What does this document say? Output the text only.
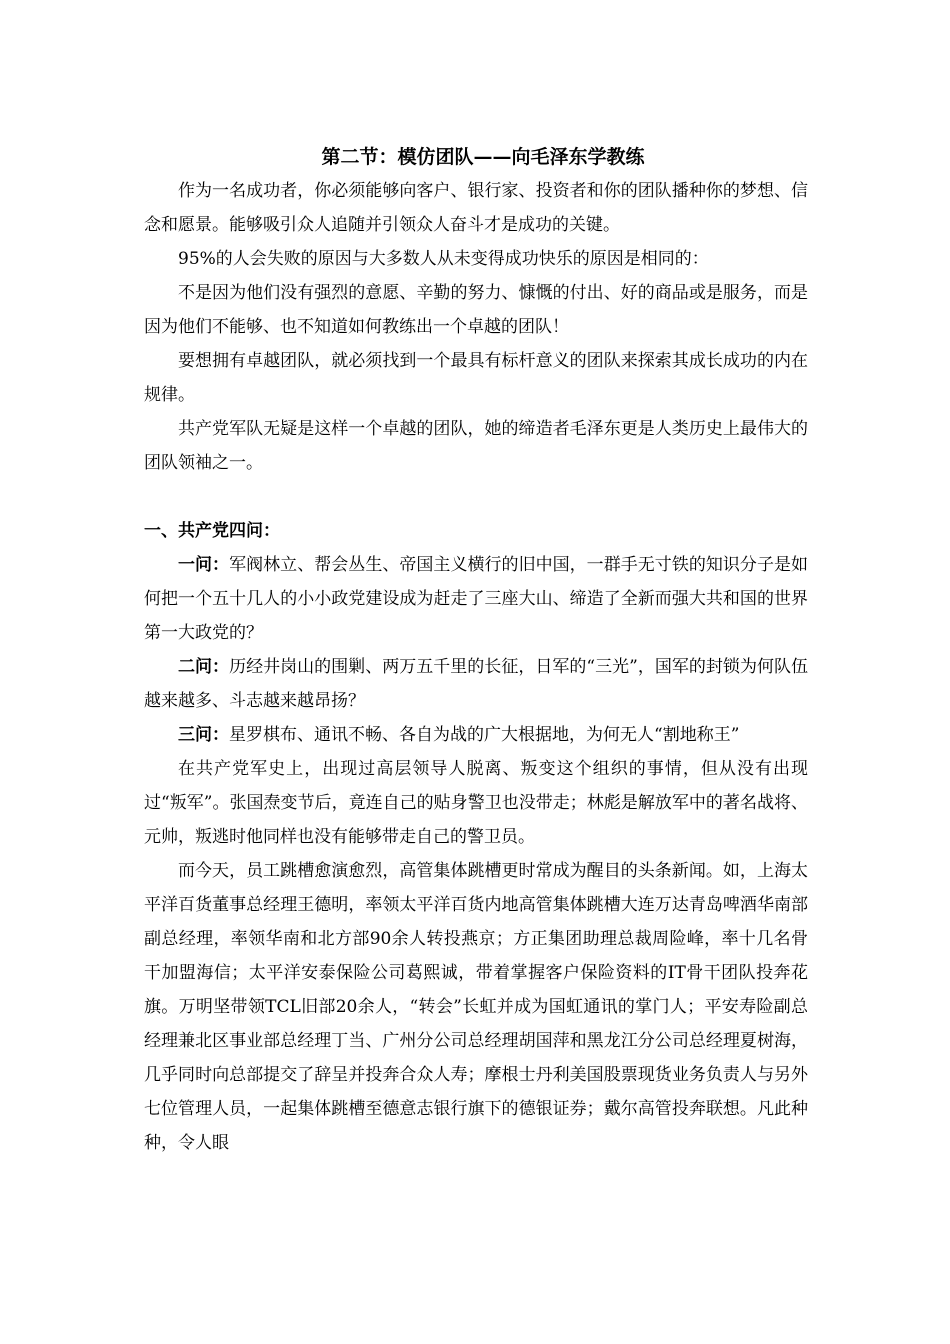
第二节：模仿团队——向毛泽东学教练

作为一名成功者，你必须能够向客户、银行家、投资者和你的团队播种你的梦想、信念和愿景。能够吸引众人追随并引领众人奋斗才是成功的关键。

95%的人会失败的原因与大多数人从未变得成功快乐的原因是相同的：

不是因为他们没有强烈的意愿、辛勤的努力、慷慨的付出、好的商品或是服务，而是因为他们不能够、也不知道如何教练出一个卓越的团队！

要想拥有卓越团队，就必须找到一个最具有标杆意义的团队来探索其成长成功的内在规律。

共产党军队无疑是这样一个卓越的团队，她的缔造者毛泽东更是人类历史上最伟大的团队领袖之一。

一、共产党四问：

一问：军阀林立、帮会丛生、帝国主义横行的旧中国，一群手无寸铁的知识分子是如何把一个五十几人的小小政党建设成为赶走了三座大山、缔造了全新而强大共和国的世界第一大政党的？

二问：历经井岗山的围剿、两万五千里的长征，日军的“三光”，国军的封锁为何队伍越来越多、斗志越来越昂扬？

三问：星罗棋布、通讯不畅、各自为战的广大根据地，为何无人“割地称王”

在共产党军史上，出现过高层领导人脱离、叛变这个组织的事情，但从没有出现过“叛军”。张国焘变节后，竟连自己的贴身警卫也没带走；林彪是解放军中的著名战将、元帅，叛逃时他同样也没有能够带走自己的警卫员。

而今天，员工跳槽愈演愈烈，高管集体跳槽更时常成为醒目的头条新闻。如，上海太平洋百货董事总经理王德明，率领太平洋百货内地高管集体跳槽大连万达青岛啤酒华南部副总经理，率领华南和北方部90余人转投燕京；方正集团助理总裁周险峰，率十几名骨干加盟海信；太平洋安泰保险公司葛熙诚，带着掌握客户保险资料的IT骨干团队投奔花旗。万明坚带领TCL旧部20余人，“转会”长虹并成为国虹通讯的掌门人；平安寿险副总经理兼北区事业部总经理丁当、广州分公司总经理胡国萍和黑龙江分公司总经理夏树海，几乎同时向总部提交了辞呈并投奔合众人寿；摩根士丹利美国股票现货业务负责人与另外七位管理人员，一起集体跳槽至德意志银行旗下的德银证券；戴尔高管投奔联想。凡此种种，令人眼
